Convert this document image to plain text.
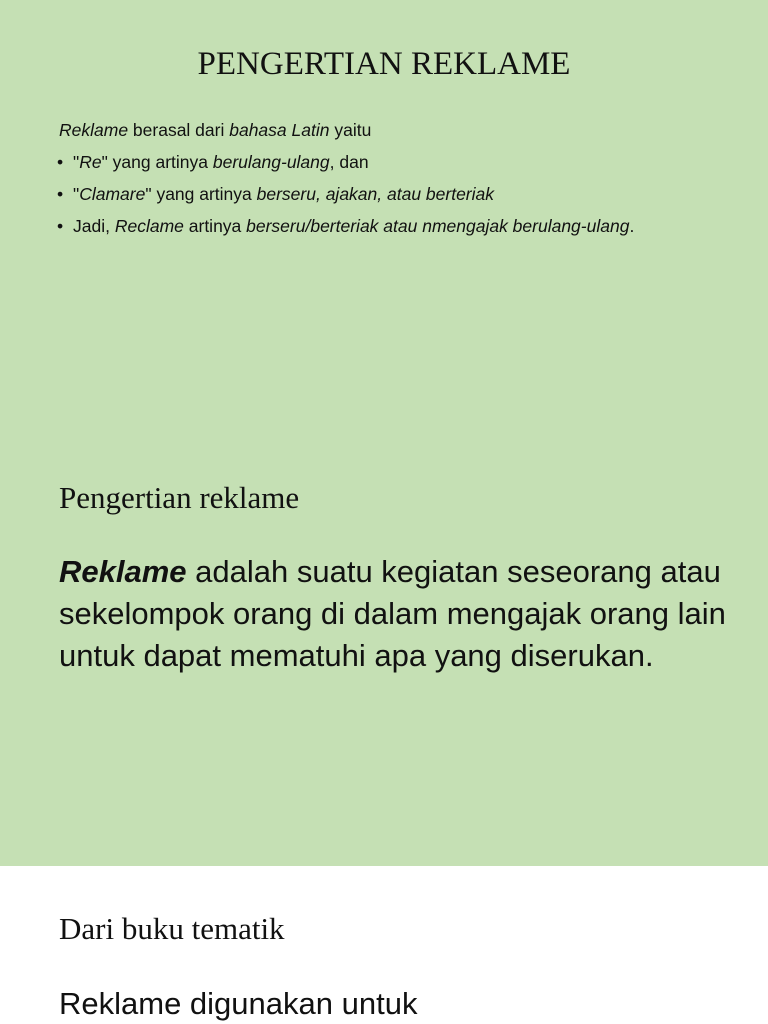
PENGERTIAN REKLAME
Reklame berasal dari bahasa Latin yaitu
• "Re" yang artinya berulang-ulang, dan
• "Clamare" yang artinya berseru, ajakan, atau berteriak
• Jadi, Reclame artinya berseru/berteriak atau nmengajak berulang-ulang.
Pengertian reklame
Reklame adalah suatu kegiatan seseorang atau sekelompok orang di dalam mengajak orang lain untuk dapat mematuhi apa yang diserukan.
Dari buku tematik
Reklame digunakan untuk
